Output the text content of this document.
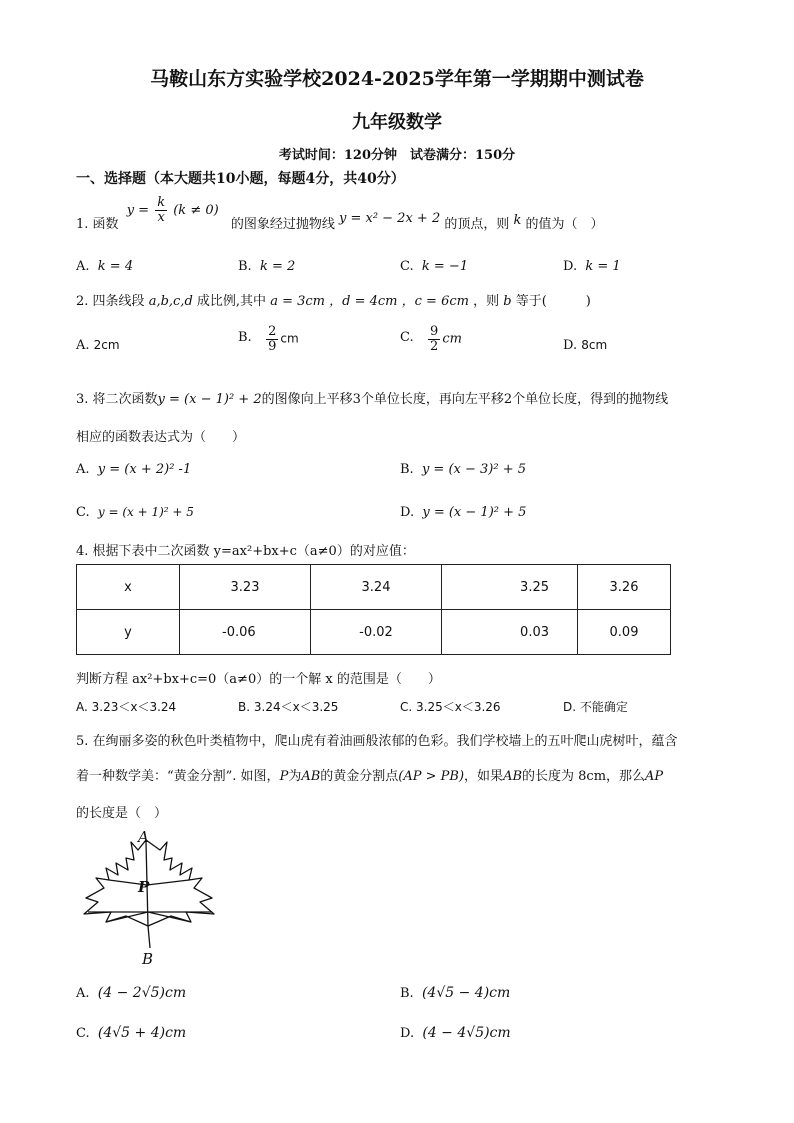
马鞍山东方实验学校2024-2025学年第一学期期中测试卷
九年级数学
考试时间：120分钟　试卷满分：150分
一、选择题（本大题共10小题，每题4分，共40分）
1. 函数 $y = \frac{k}{x} (k \ne 0)$ 的图象经过抛物线 y = x² − 2x + 2 的顶点，则 k 的值为（　）
A. k = 4	B. k = 2	C. k = −1	D. k = 1
2. 四条线段 a,b,c,d 成比例,其中 a = 3cm ，d = 4cm ，c = 6cm ，则 b 等于(　　　)
A. 2cm
B. $\frac{2}{9}$ cm	C. $\frac{9}{2}$ cm	D. 8cm
3. 将二次函数y = (x − 1)² + 2的图像向上平移3个单位长度，再向左平移2个单位长度，得到的抛物线
相应的函数表达式为（　　）
A. y = (x + 2)² -1	B. y = (x − 3)² + 5
C. y = (x + 1)² + 5	D. y = (x − 1)² + 5
4. 根据下表中二次函数 y=ax²+bx+c（a≠0）的对应值：
x	3.23	3.24	3.25	3.26
y	-0.06	-0.02	0.03	0.09
判断方程 ax²+bx+c=0（a≠0）的一个解 x 的范围是（　　）
A. 3.23＜x＜3.24	B. 3.24＜x＜3.25	C. 3.25＜x＜3.26	D. 不能确定
5. 在绚丽多姿的秋色叶类植物中，爬山虎有着油画般浓郁的色彩。我们学校墙上的五叶爬山虎树叶，蕴含
着一种数学美：“黄金分割”. 如图，P为AB的黄金分割点(AP > PB)，如果AB的长度为 8cm，那么AP
的长度是（　）
A
P
B
A. (4 − 2√5)cm	B. (4√5 − 4)cm
C. (4√5 + 4)cm	D. (4 − 4√5)cm
